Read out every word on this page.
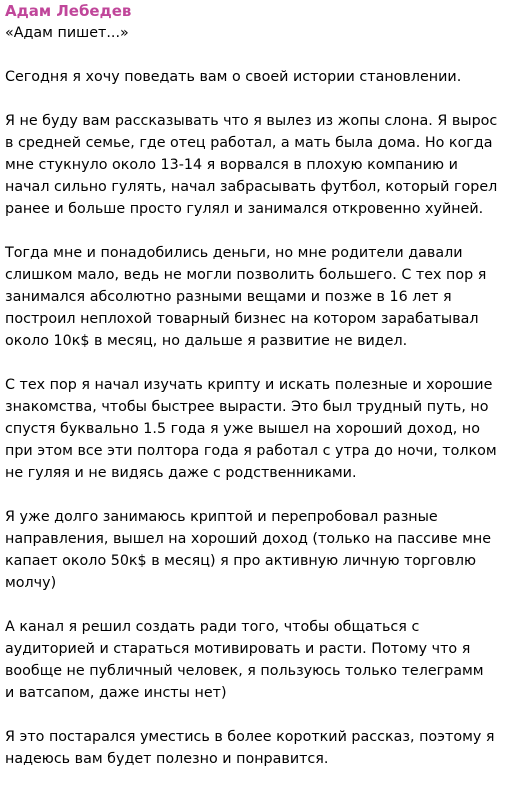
Адам Лебедев
«Адам пишет...»
Сегодня я хочу поведать вам о своей истории становлении.
Я не буду вам рассказывать что я вылез из жопы слона. Я вырос
в средней семье, где отец работал, а мать была дома. Но когда
мне стукнуло около 13-14 я ворвался в плохую компанию и
начал сильно гулять, начал забрасывать футбол, который горел
ранее и больше просто гулял и занимался откровенно хуйней.
Тогда мне и понадобились деньги, но мне родители давали
слишком мало, ведь не могли позволить большего. С тех пор я
занимался абсолютно разными вещами и позже в 16 лет я
построил неплохой товарный бизнес на котором зарабатывал
около 10к$ в месяц, но дальше я развитие не видел.
С тех пор я начал изучать крипту и искать полезные и хорошие
знакомства, чтобы быстрее вырасти. Это был трудный путь, но
спустя буквально 1.5 года я уже вышел на хороший доход, но
при этом все эти полтора года я работал с утра до ночи, толком
не гуляя и не видясь даже с родственниками.
Я уже долго занимаюсь криптой и перепробовал разные
направления, вышел на хороший доход (только на пассиве мне
капает около 50к$ в месяц) я про активную личную торговлю
молчу)
А канал я решил создать ради того, чтобы общаться с
аудиторией и стараться мотивировать и расти. Потому что я
вообще не публичный человек, я пользуюсь только телеграмм
и ватсапом, даже инсты нет)
Я это постарался уместись в более короткий рассказ, поэтому я
надеюсь вам будет полезно и понравится.
